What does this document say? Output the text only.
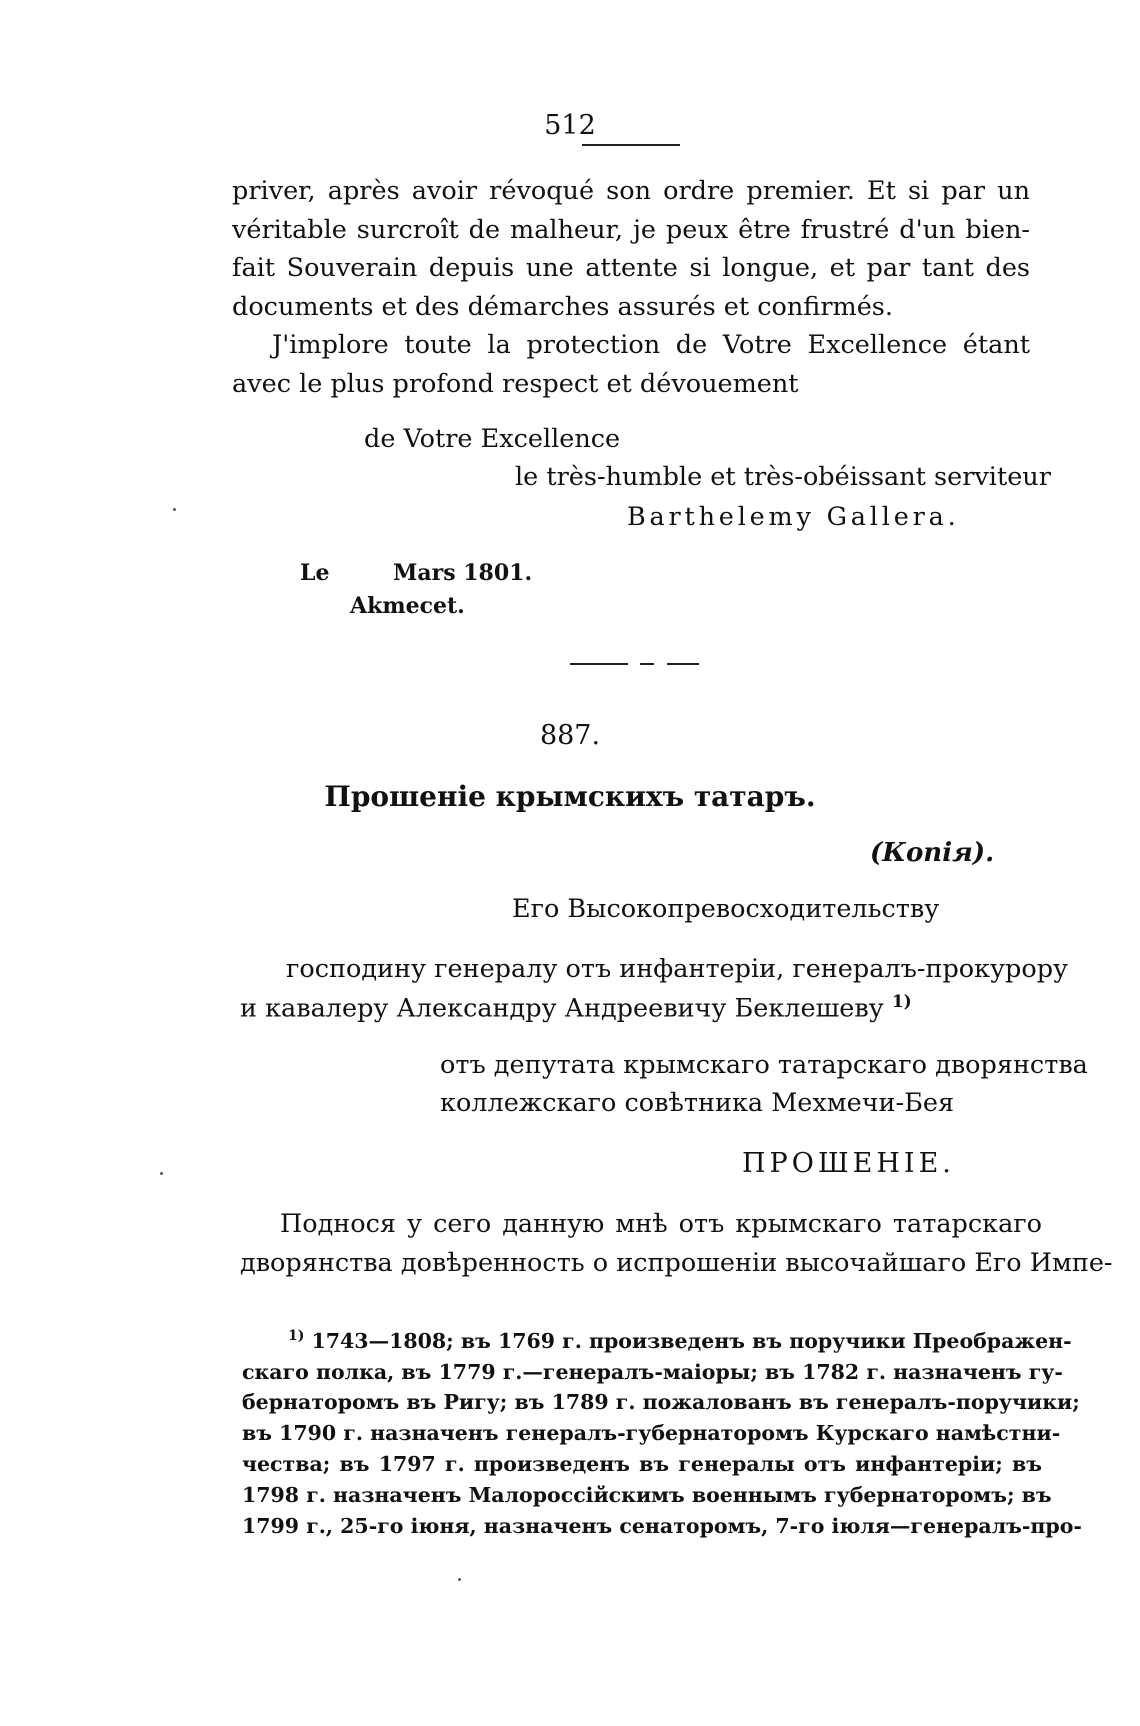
512
priver, après avoir révoqué son ordre premier. Et si par un
véritable surcroît de malheur, je peux être frustré d'un bien-
fait Souverain depuis une attente si longue, et par tant des
documents et des démarches assurés et confirmés.
J'implore toute la protection de Votre Excellence étant
avec le plus profond respect et dévouement
de Votre Excellence
le très-humble et très-obéissant serviteur
Barthelemy Gallera.
Le	Mars 1801.
Akmecet.
887.
Прошеніе крымскихъ татаръ.
(Копія).
Его Высокопревосходительству
господину генералу отъ инфантеріи, генералъ-прокурору
и кавалеру Александру Андреевичу Беклешеву $^{1)}$
отъ депутата крымскаго татарскаго дворянства
коллежскаго совѣтника Мехмечи-Бея
ПРОШЕНІЕ.
Поднося у сего данную мнѣ отъ крымскаго татарскаго
дворянства довѣренность о испрошеніи высочайшаго Его Импе-
$^{1)}$ 1743—1808; въ 1769 г. произведенъ въ поручики Преображен-
скаго полка, въ 1779 г.—генералъ-маіоры; въ 1782 г. назначенъ гу-
бернаторомъ въ Ригу; въ 1789 г. пожалованъ въ генералъ-поручики;
въ 1790 г. назначенъ генералъ-губернаторомъ Курскаго намѣстни-
чества; въ 1797 г. произведенъ въ генералы отъ инфантеріи; въ
1798 г. назначенъ Малороссійскимъ военнымъ губернаторомъ; въ
1799 г., 25-го іюня, назначенъ сенаторомъ, 7-го іюля—генералъ-про-
